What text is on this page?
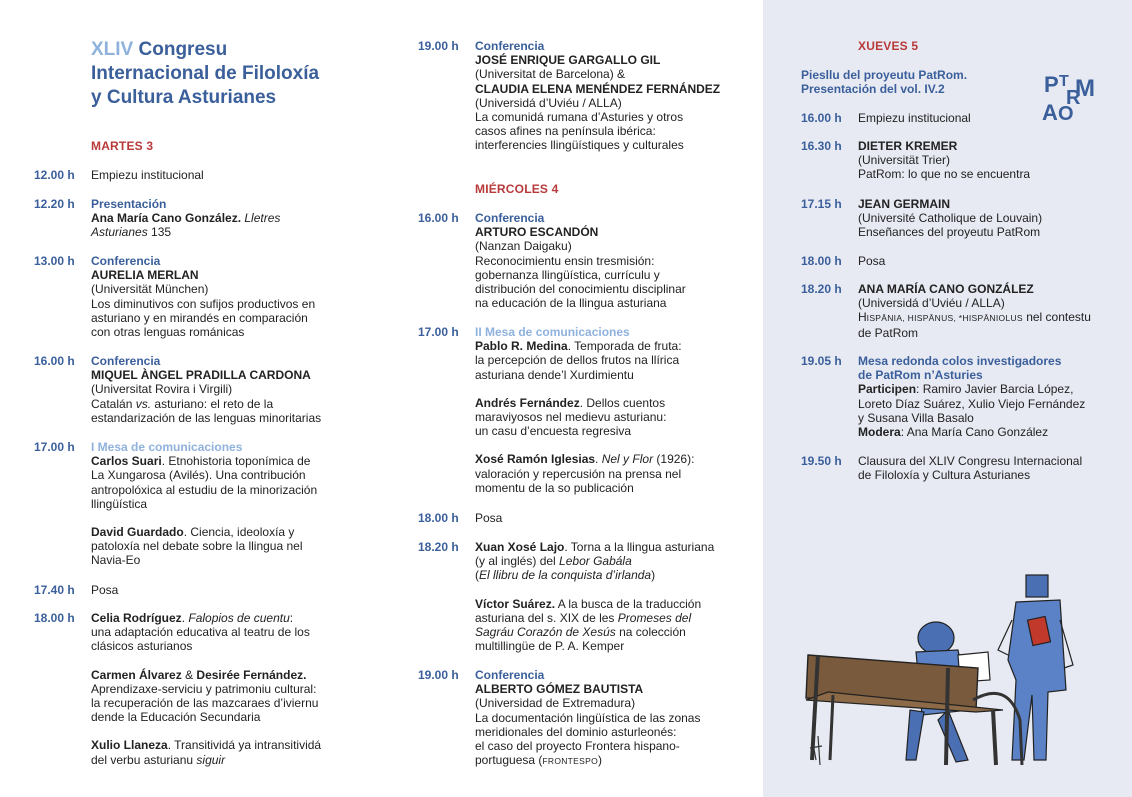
XLIV Congresu
Internacional de Filoloxía
y Cultura Asturianes
MARTES 3
12.00 h Empiezu institucional
12.20 h Presentación
Ana María Cano González. Lletres
Asturianes 135
13.00 h Conferencia
AURELIA MERLAN
(Universität München)
Los diminutivos con sufijos productivos en
asturiano y en mirandés en comparación
con otras lenguas románicas
16.00 h Conferencia
MIQUEL ÀNGEL PRADILLA CARDONA
(Universitat Rovira i Virgili)
Catalán vs. asturiano: el reto de la
estandarización de las lenguas minoritarias
17.00 h I Mesa de comunicaciones
Carlos Suari. Etnohistoria toponímica de
La Xungarosa (Avilés). Una contribución
antropolóxica al estudiu de la minorización
llingüística
David Guardado. Ciencia, ideoloxía y
patoloxía nel debate sobre la llingua nel
Navia-Eo
17.40 h Posa
18.00 h Celia Rodríguez. Falopios de cuentu:
una adaptación educativa al teatru de los
clásicos asturianos
Carmen Álvarez & Desirée Fernández.
Aprendizaxe-serviciu y patrimoniu cultural:
la recuperación de las mazcaraes d’iviernu
dende la Educación Secundaria
Xulio Llaneza. Transitividá ya intransitividá
del verbu asturianu siguir
19.00 h Conferencia
JOSÉ ENRIQUE GARGALLO GIL
(Universitat de Barcelona) &
CLAUDIA ELENA MENÉNDEZ FERNÁNDEZ
(Universidá d’Uviéu / ALLA)
La comunidá rumana d’Asturies y otros
casos afines na península ibérica:
interferencies llingüístiques y culturales
MIÉRCOLES 4
16.00 h Conferencia
ARTURO ESCANDÓN
(Nanzan Daigaku)
Reconocimientu ensin tresmisión:
gobernanza llingüística, currículu y
distribución del conocimientu disciplinar
na educación de la llingua asturiana
17.00 h II Mesa de comunicaciones
Pablo R. Medina. Temporada de fruta:
la percepción de dellos frutos na llírica
asturiana dende’l Xurdimientu
Andrés Fernández. Dellos cuentos
maraviyosos nel medievu asturianu:
un casu d’encuesta regresiva
Xosé Ramón Iglesias. Nel y Flor (1926):
valoración y repercusión na prensa nel
momentu de la so publicación
18.00 h Posa
18.20 h Xuan Xosé Lajo. Torna a la llingua asturiana
(y al inglés) del Lebor Gabála
(El llibru de la conquista d’irlanda)
Víctor Suárez. A la busca de la traducción
asturiana del s. XIX de les Promeses del
Sagráu Corazón de Xesús na colección
multillingüe de P. A. Kemper
19.00 h Conferencia
ALBERTO GÓMEZ BAUTISTA
(Universidad de Extremadura)
La documentación lingüística de las zonas
meridionales del dominio asturleonés:
el caso del proyecto Frontera hispano-
portuguesa (FRONTESPO)
XUEVES 5
Piesllu del proyeutu PatRom.
Presentación del vol. IV.2
16.00 h Empiezu institucional
16.30 h DIETER KREMER
(Universität Trier)
PatRom: lo que no se encuentra
17.15 h JEAN GERMAIN
(Université Catholique de Louvain)
Enseñances del proyeutu PatRom
18.00 h Posa
18.20 h ANA MARÍA CANO GONZÁLEZ
(Universidá d’Uviéu / ALLA)
HISPĀNIA, HISPĀNUS, *HISPĀNIOLUS nel contestu
de PatRom
19.05 h Mesa redonda colos investigadores
de PatRom n’Asturies
Participen: Ramiro Javier Barcia López,
Loreto Díaz Suárez, Xulio Viejo Fernández
y Susana Villa Basalo
Modera: Ana María Cano González
19.50 h Clausura del XLIV Congresu Internacional
de Filoloxía y Cultura Asturianes
P T
R
M
A O
